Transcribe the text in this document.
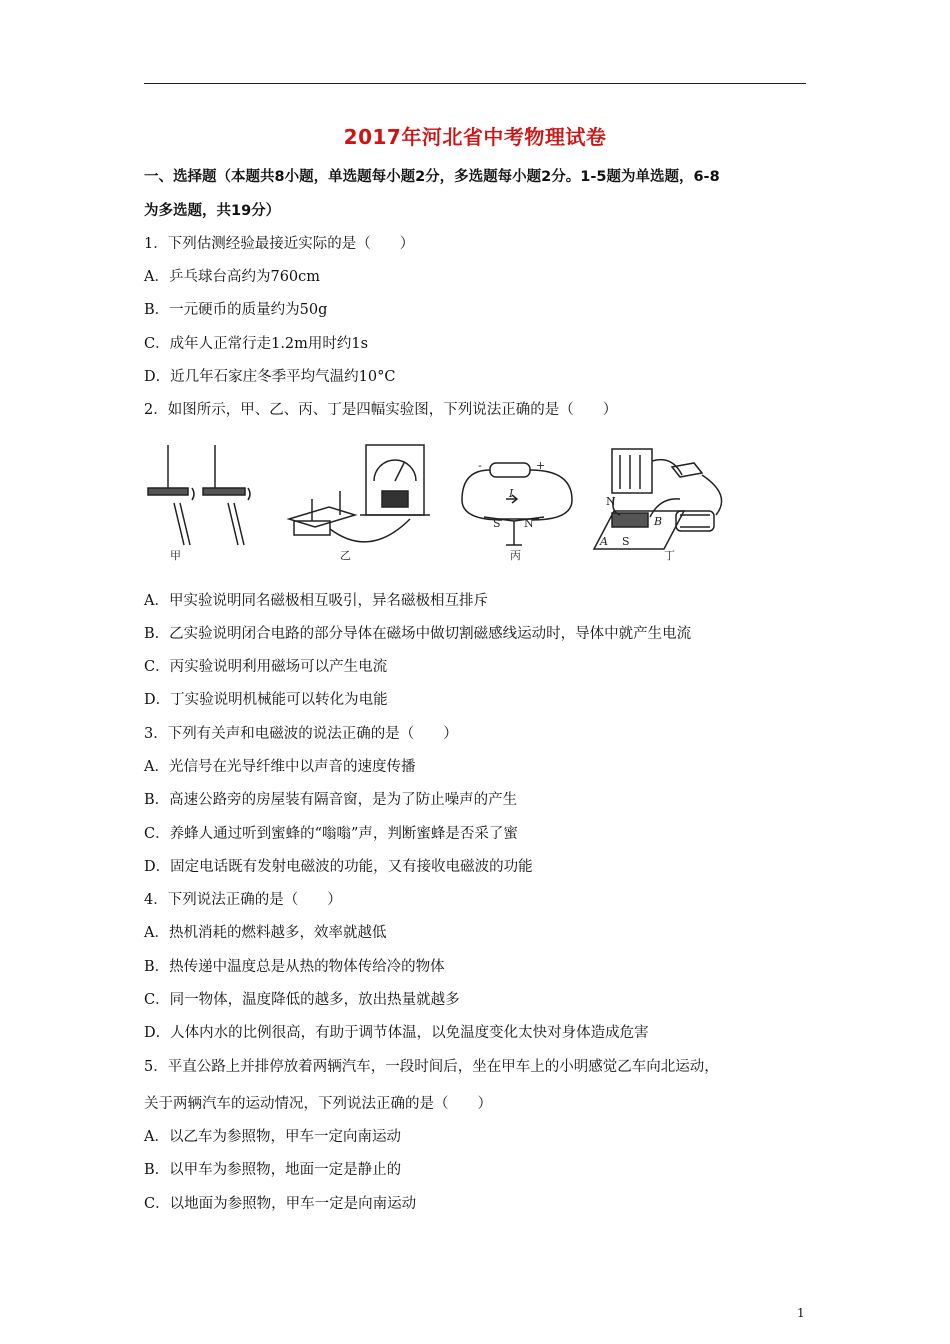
2017年河北省中考物理试卷
一、选择题（本题共8小题，单选题每小题2分，多选题每小题2分。1-5题为单选题，6-8
为多选题，共19分）
1．下列估测经验最接近实际的是（　　）
A．乒乓球台高约为760cm
B．一元硬币的质量约为50g
C．成年人正常行走1.2m用时约1s
D．近几年石家庄冬季平均气温约10°C
2．如图所示，甲、乙、丙、丁是四幅实验图，下列说法正确的是（　　）
甲	乙	丙	丁
I
S N
-	+
N
A S
B
A．甲实验说明同名磁极相互吸引，异名磁极相互排斥
B．乙实验说明闭合电路的部分导体在磁场中做切割磁感线运动时，导体中就产生电流
C．丙实验说明利用磁场可以产生电流
D．丁实验说明机械能可以转化为电能
3．下列有关声和电磁波的说法正确的是（　　）
A．光信号在光导纤维中以声音的速度传播
B．高速公路旁的房屋装有隔音窗，是为了防止噪声的产生
C．养蜂人通过听到蜜蜂的“嗡嗡”声，判断蜜蜂是否采了蜜
D．固定电话既有发射电磁波的功能，又有接收电磁波的功能
4．下列说法正确的是（　　）
A．热机消耗的燃料越多，效率就越低
B．热传递中温度总是从热的物体传给冷的物体
C．同一物体，温度降低的越多，放出热量就越多
D．人体内水的比例很高，有助于调节体温，以免温度变化太快对身体造成危害
5．平直公路上并排停放着两辆汽车，一段时间后，坐在甲车上的小明感觉乙车向北运动，
关于两辆汽车的运动情况，下列说法正确的是（　　）
A．以乙车为参照物，甲车一定向南运动
B．以甲车为参照物，地面一定是静止的
C．以地面为参照物，甲车一定是向南运动
1
